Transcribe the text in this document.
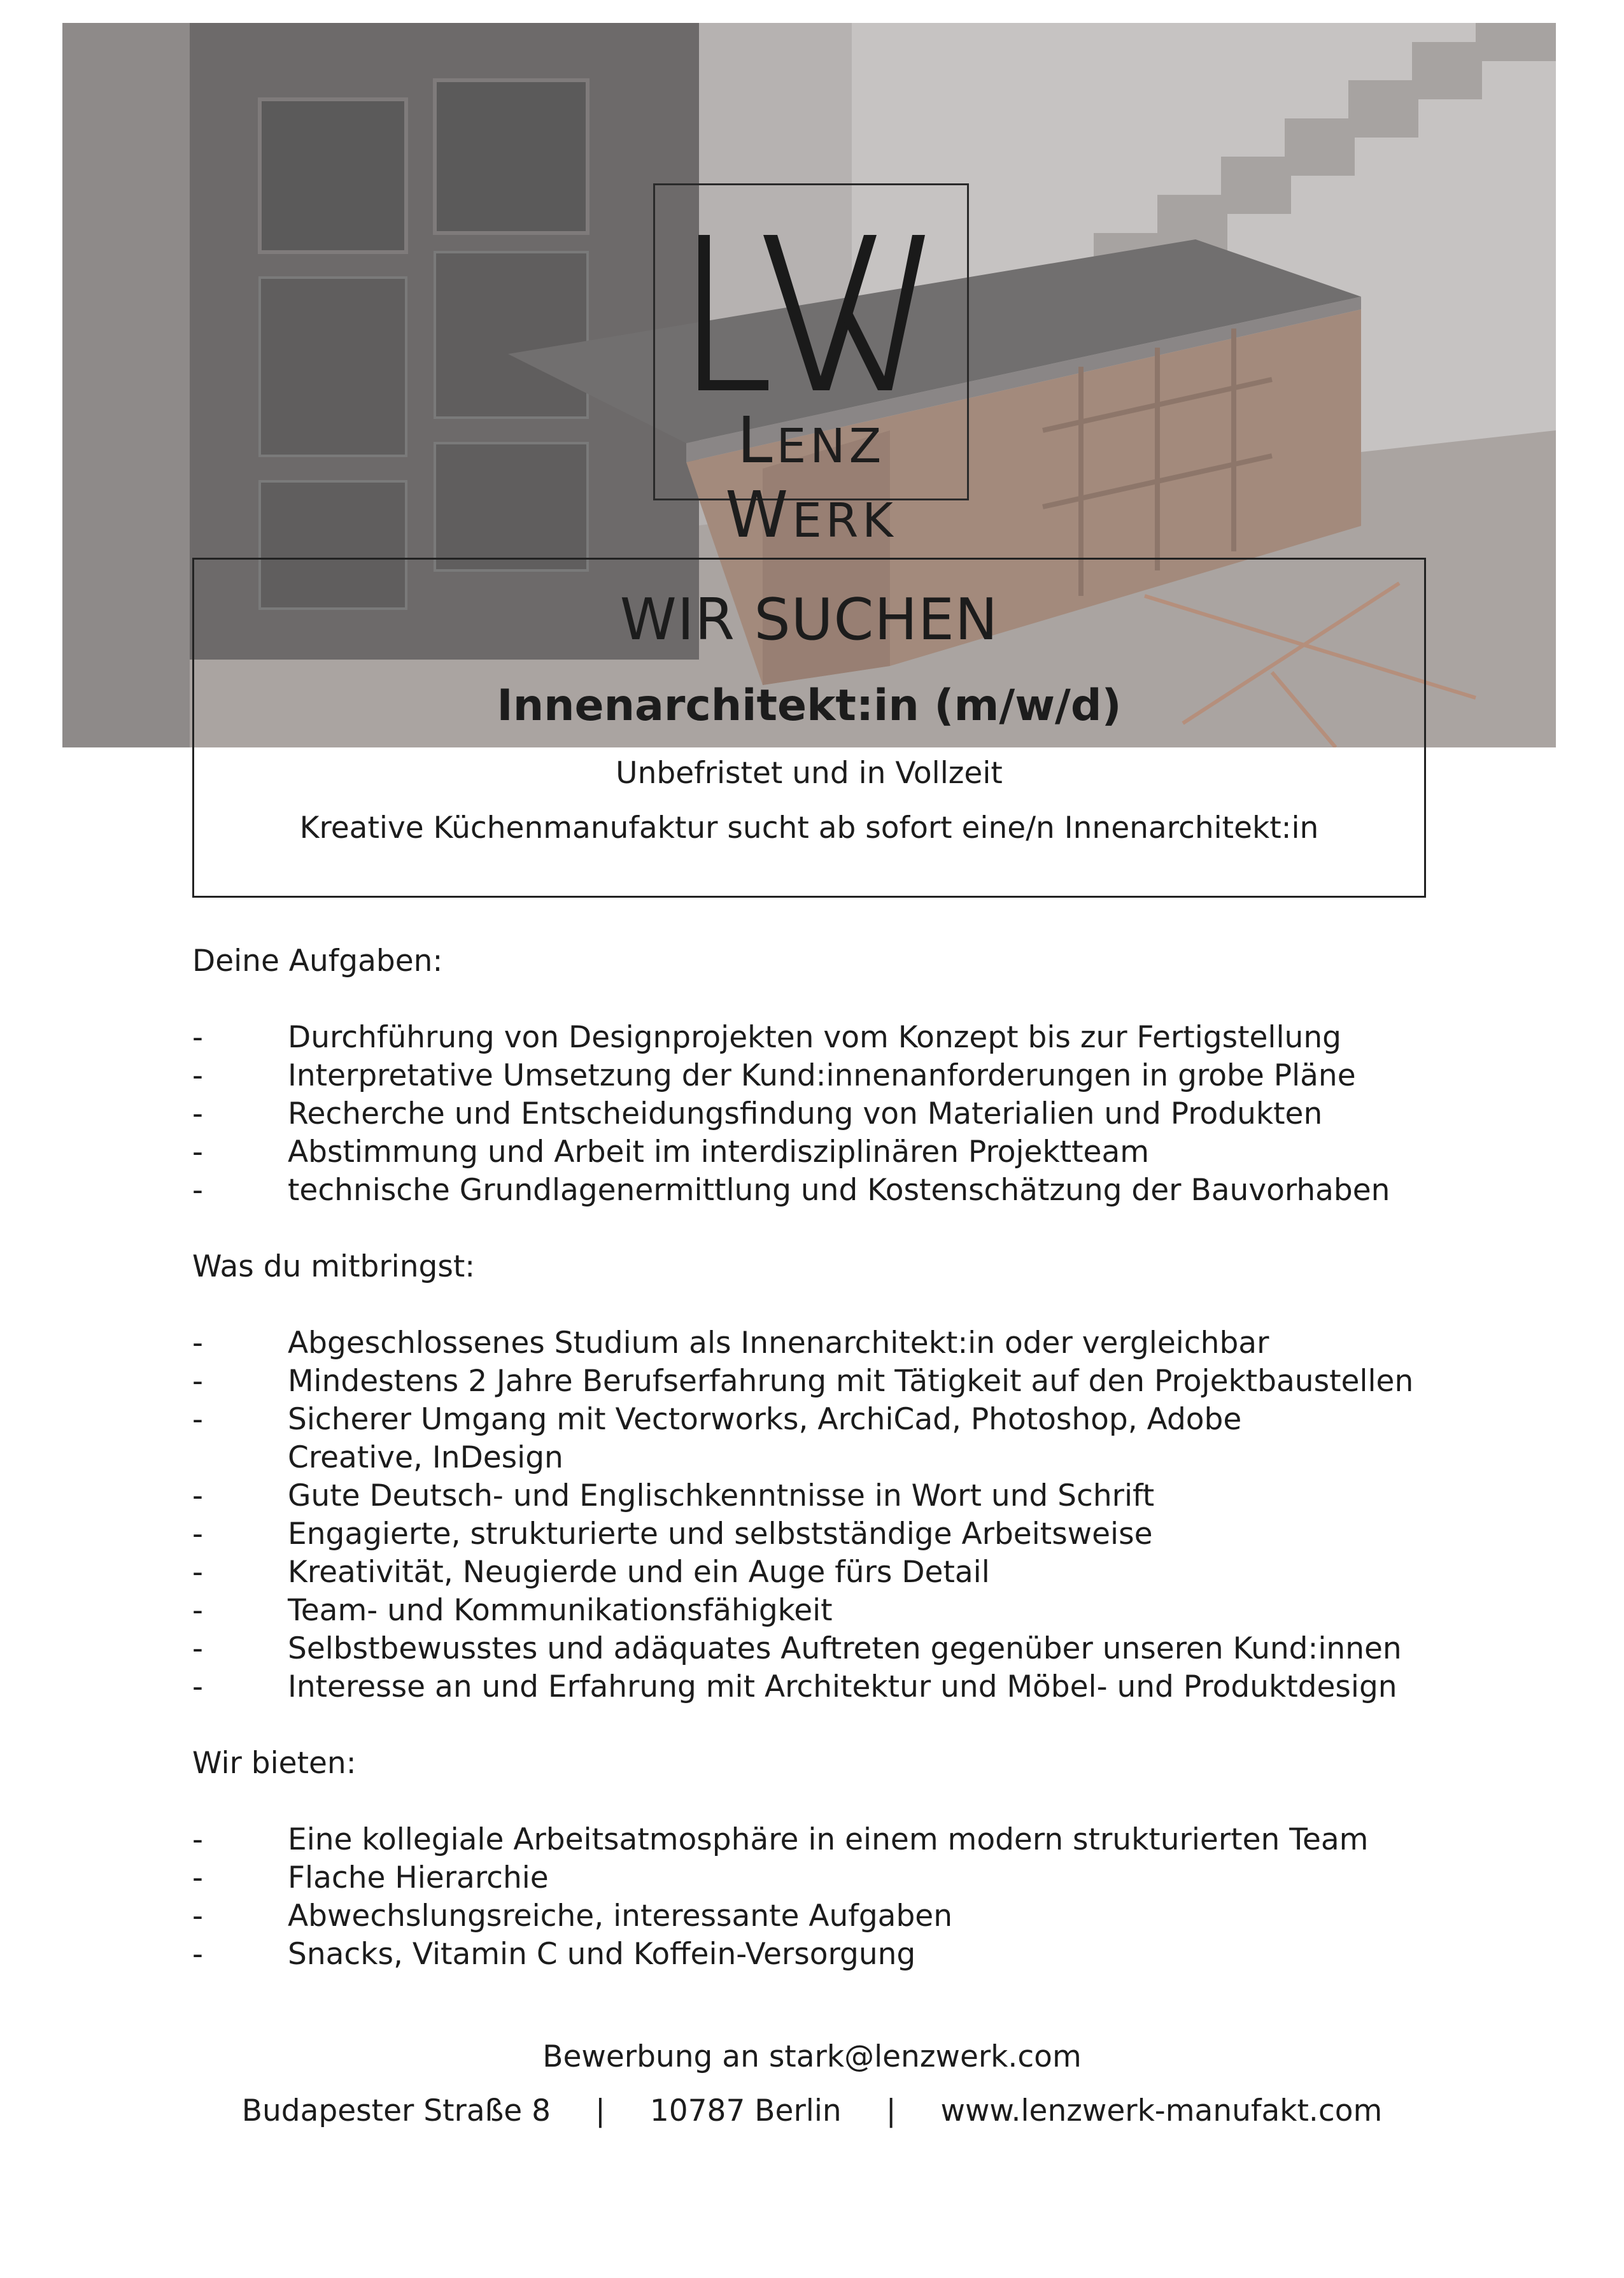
LENZ WERK
WIR SUCHEN
Innenarchitekt:in (m/w/d)
Unbefristet und in Vollzeit
Kreative Küchenmanufaktur sucht ab sofort eine/n Innenarchitekt:in
Deine Aufgaben:
-	Durchführung von Designprojekten vom Konzept bis zur Fertigstellung
-	Interpretative Umsetzung der Kund:innenanforderungen in grobe Pläne
-	Recherche und Entscheidungsfindung von Materialien und Produkten
-	Abstimmung und Arbeit im interdisziplinären Projektteam
-	technische Grundlagenermittlung und Kostenschätzung der Bauvorhaben
Was du mitbringst:
-	Abgeschlossenes Studium als Innenarchitekt:in oder vergleichbar
-	Mindestens 2 Jahre Berufserfahrung mit Tätigkeit auf den Projektbaustellen
-	Sicherer Umgang mit Vectorworks, ArchiCad, Photoshop, Adobe Creative, InDesign
-	Gute Deutsch- und Englischkenntnisse in Wort und Schrift
-	Engagierte, strukturierte und selbstständige Arbeitsweise
-	Kreativität, Neugierde und ein Auge fürs Detail
-	Team- und Kommunikationsfähigkeit
-	Selbstbewusstes und adäquates Auftreten gegenüber unseren Kund:innen
-	Interesse an und Erfahrung mit Architektur und Möbel- und Produktdesign
Wir bieten:
-	Eine kollegiale Arbeitsatmosphäre in einem modern strukturierten Team
-	Flache Hierarchie
-	Abwechslungsreiche, interessante Aufgaben
-	Snacks, Vitamin C und Koffein-Versorgung
Bewerbung an stark@lenzwerk.com
Budapester Straße 8 | 10787 Berlin | www.lenzwerk-manufakt.com
